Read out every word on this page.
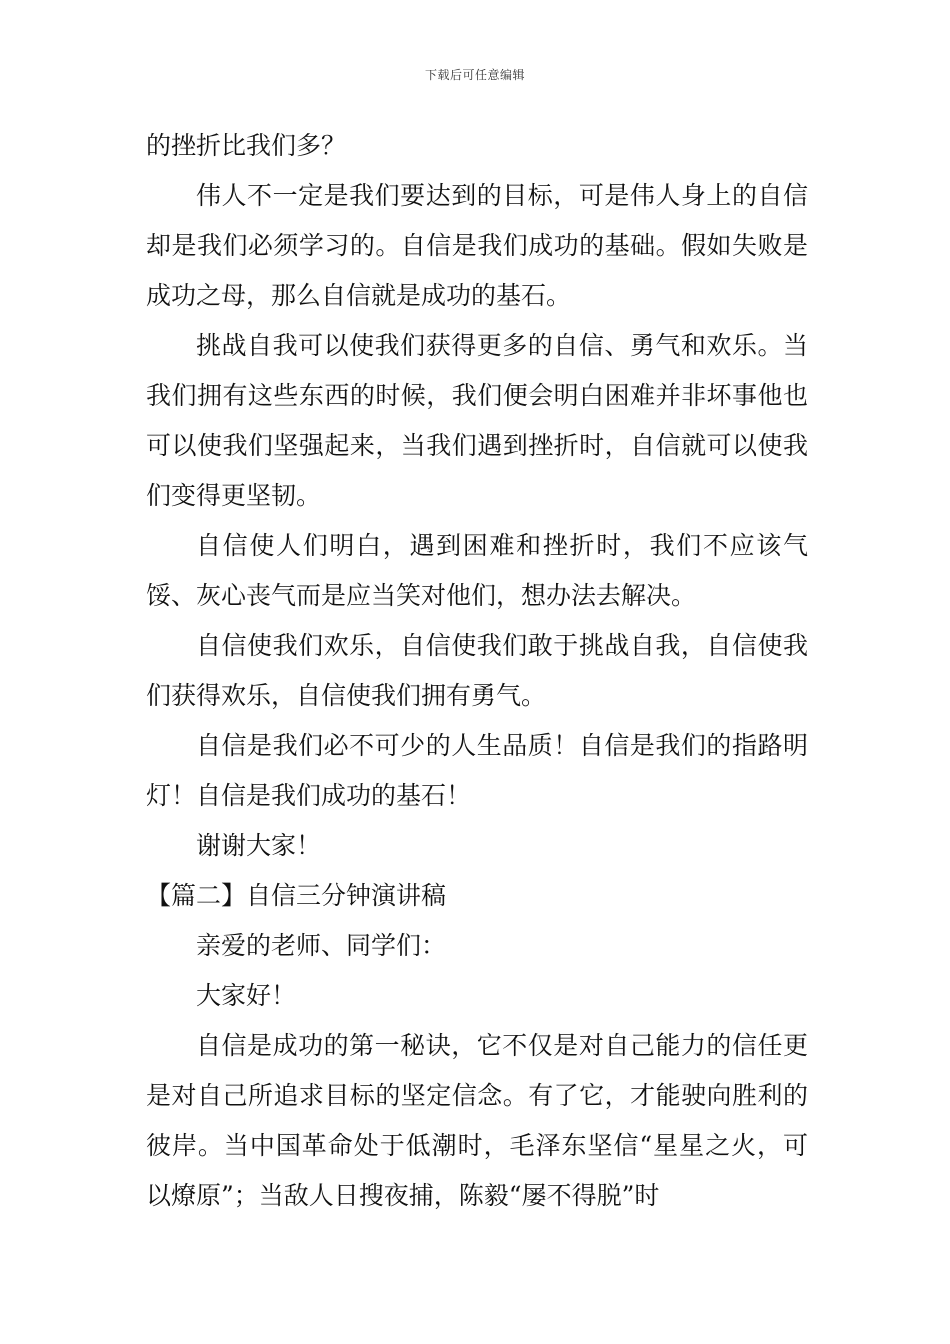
下载后可任意编辑

的挫折比我们多？

伟人不一定是我们要达到的目标，可是伟人身上的自信却是我们必须学习的。自信是我们成功的基础。假如失败是成功之母，那么自信就是成功的基石。

挑战自我可以使我们获得更多的自信、勇气和欢乐。当我们拥有这些东西的时候，我们便会明白困难并非坏事他也可以使我们坚强起来，当我们遇到挫折时，自信就可以使我们变得更坚韧。

自信使人们明白，遇到困难和挫折时，我们不应该气馁、灰心丧气而是应当笑对他们，想办法去解决。

自信使我们欢乐，自信使我们敢于挑战自我，自信使我们获得欢乐，自信使我们拥有勇气。

自信是我们必不可少的人生品质！自信是我们的指路明灯！自信是我们成功的基石！

谢谢大家！

【篇二】自信三分钟演讲稿

亲爱的老师、同学们：

大家好！

自信是成功的第一秘诀，它不仅是对自己能力的信任更是对自己所追求目标的坚定信念。有了它，才能驶向胜利的彼岸。当中国革命处于低潮时，毛泽东坚信“星星之火，可以燎原”；当敌人日搜夜捕，陈毅“屡不得脱”时
